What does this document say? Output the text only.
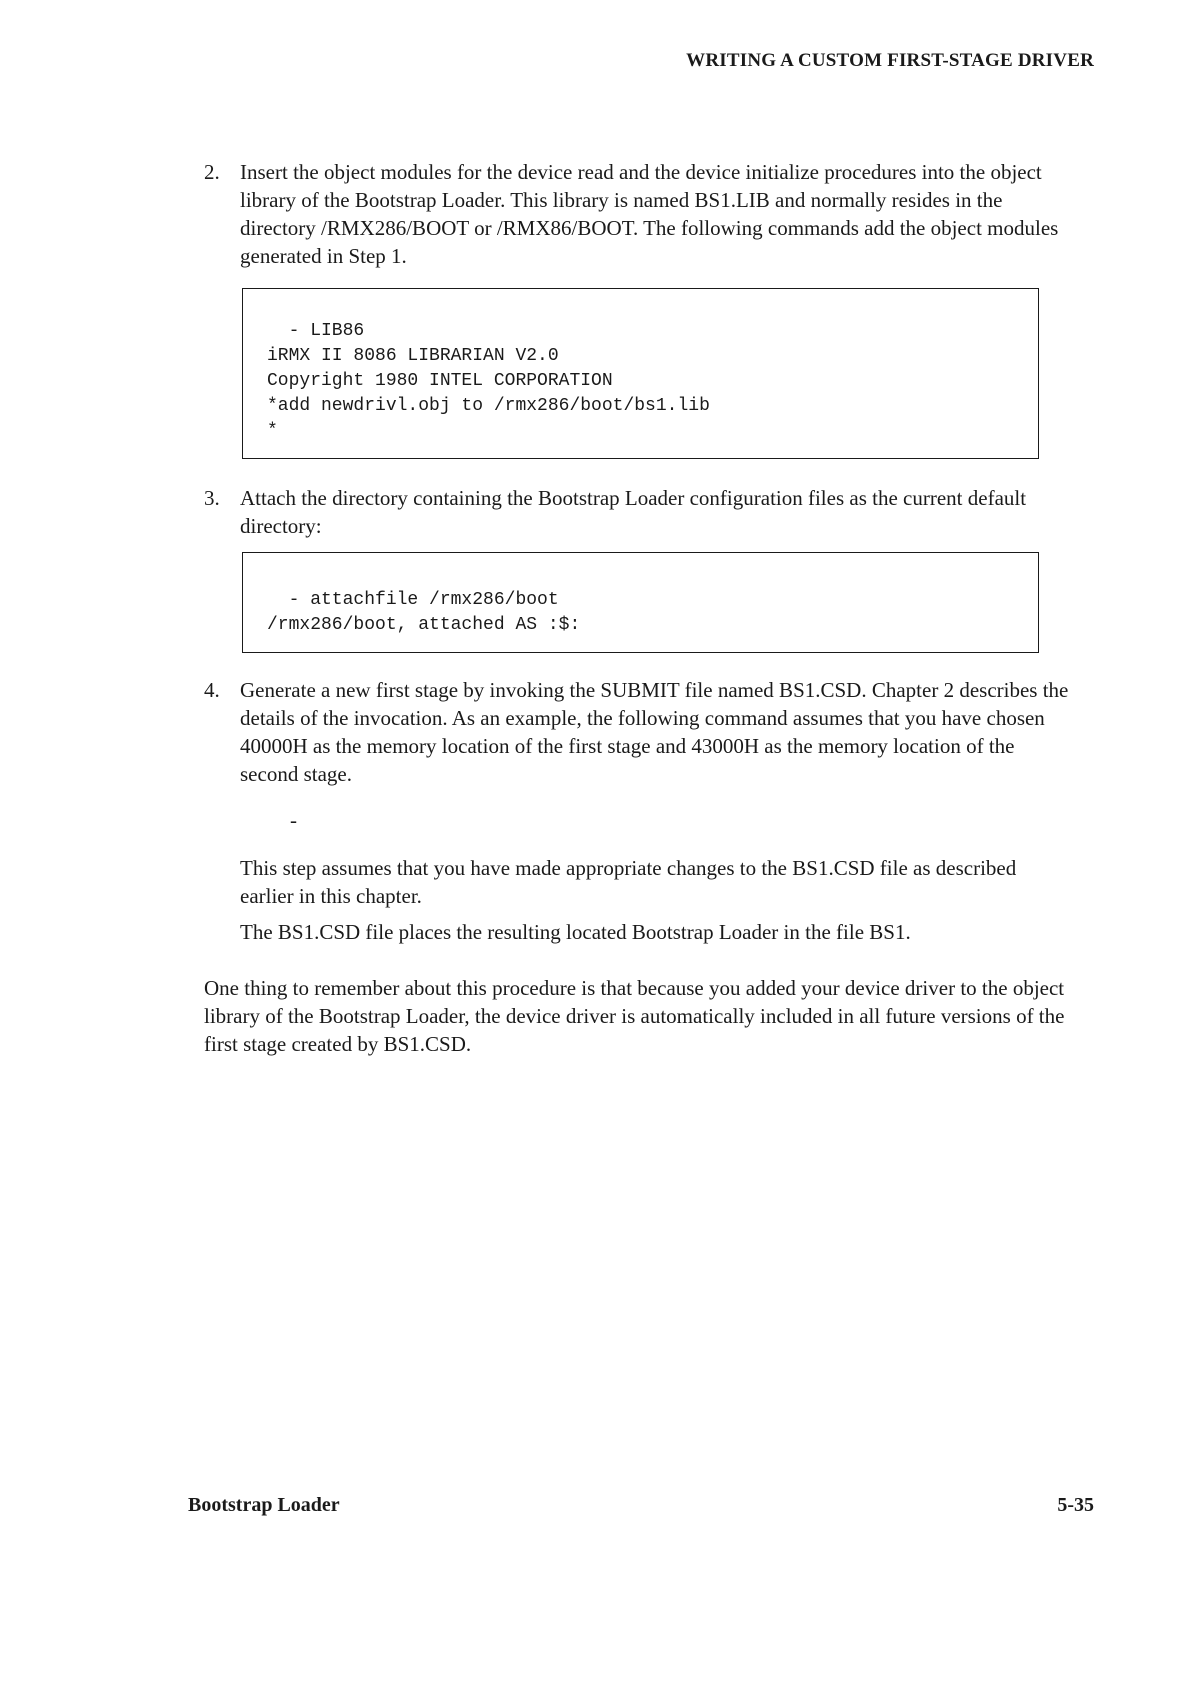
WRITING A CUSTOM FIRST-STAGE DRIVER
2. Insert the object modules for the device read and the device initialize procedures into the object library of the Bootstrap Loader. This library is named BS1.LIB and normally resides in the directory /RMX286/BOOT or /RMX86/BOOT. The following commands add the object modules generated in Step 1.
- LIB86
iRMX II 8086 LIBRARIAN V2.0
Copyright 1980 INTEL CORPORATION
*add newdrivl.obj to /rmx286/boot/bs1.lib
*
3. Attach the directory containing the Bootstrap Loader configuration files as the current default directory:
- attachfile /rmx286/boot
/rmx286/boot, attached AS :$:
4. Generate a new first stage by invoking the SUBMIT file named BS1.CSD. Chapter 2 describes the details of the invocation. As an example, the following command assumes that you have chosen 40000H as the memory location of the first stage and 43000H as the memory location of the second stage.
-
This step assumes that you have made appropriate changes to the BS1.CSD file as described earlier in this chapter.
The BS1.CSD file places the resulting located Bootstrap Loader in the file BS1.
One thing to remember about this procedure is that because you added your device driver to the object library of the Bootstrap Loader, the device driver is automatically included in all future versions of the first stage created by BS1.CSD.
Bootstrap Loader	5-35
